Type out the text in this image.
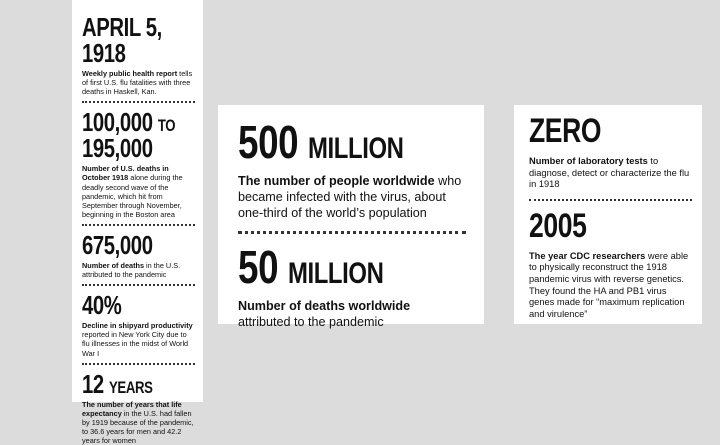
APRIL 5, 1918

Weekly public health report tells of first U.S. flu fatalities with three deaths in Haskell, Kan.

100,000 TO

195,000

Number of U.S. deaths in October 1918 alone during the deadly second wave of the pandemic, which hit from September through November, beginning in the Boston area

675,000

Number of deaths in the U.S. attributed to the pandemic

40%

Decline in shipyard productivity reported in New York City due to flu illnesses in the midst of World War I

12 YEARS

The number of years that life expectancy in the U.S. had fallen by 1919 because of the pandemic, to 36.6 years for men and 42.2 years for women

500 MILLION

The number of people worldwide who became infected with the virus, about one-third of the world’s population

50 MILLION

Number of deaths worldwide attributed to the pandemic

ZERO

Number of laboratory tests to diagnose, detect or characterize the flu in 1918

2005

The year CDC researchers were able to physically reconstruct the 1918 pandemic virus with reverse genetics. They found the HA and PB1 virus genes made for “maximum replication and virulence”
